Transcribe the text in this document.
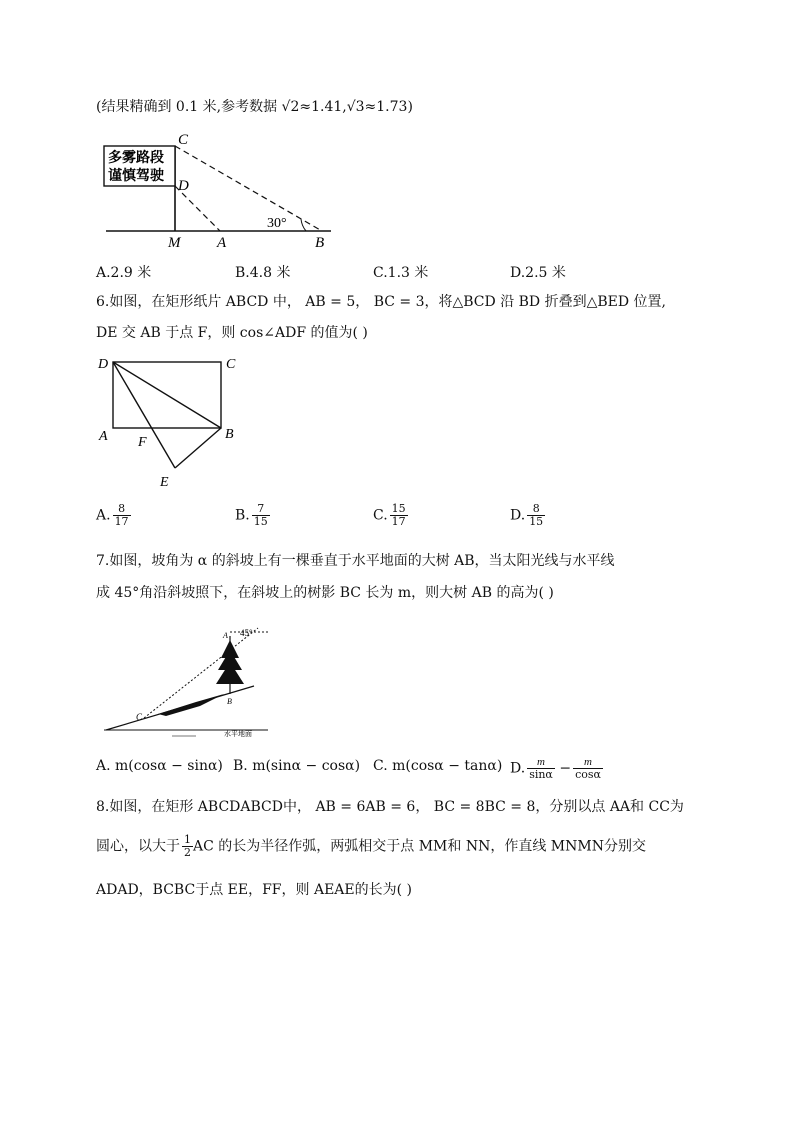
(结果精确到 0.1 米,参考数据 √2≈1.41,√3≈1.73)
多雾路段
谨慎驾驶
C
D
M A	B
30°
A.2.9 米	B.4.8 米	C.1.3 米	D.2.5 米
6.如图，在矩形纸片 ABCD 中， AB = 5， BC = 3，将△BCD 沿 BD 折叠到△BED 位置,
DE 交 AB 于点 F，则 cos∠ADF 的值为( )
D	C
A F
B
E
A. $\frac{8}{17}$	B. $\frac{7}{15}$	C. $\frac{15}{17}$	D. $\frac{8}{15}$
7.如图，坡角为 α 的斜坡上有一棵垂直于水平地面的大树 AB，当太阳光线与水平线
成 45°角沿斜坡照下，在斜坡上的树影 BC 长为 m，则大树 AB 的高为( )
A 45°
B
C
水平地面
A. m(cosα − sinα) B. m(sinα − cosα) C. m(cosα − tanα) D. $\frac{m}{\sin\alpha} - \frac{m}{\cos\alpha}$
8.如图，在矩形 ABCDABCD中， AB = 6AB = 6， BC = 8BC = 8，分别以点 AA和 CC为
圆心，以大于 $\frac{1}{2}$ AC 的长为半径作弧，两弧相交于点 MM和 NN，作直线 MNMN分别交
ADAD，BCBC于点 EE，FF，则 AEAE的长为( )
